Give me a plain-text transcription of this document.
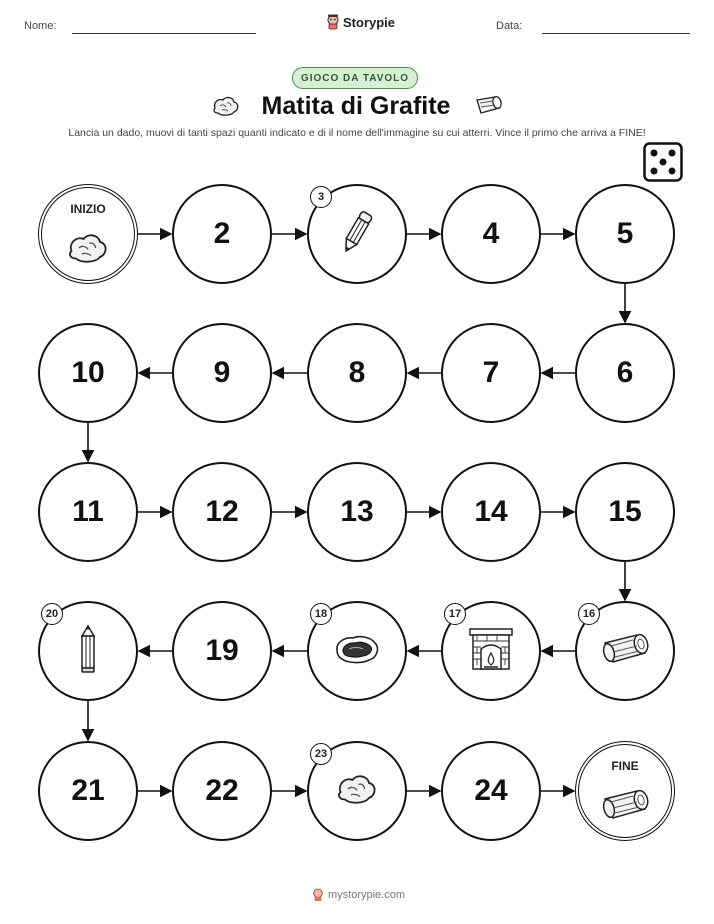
Nome:	Storypie	Data:
GIOCO DA TAVOLO
Matita di Grafite
Lancia un dado, muovi di tanti spazi quanti indicato e di il nome dell'immagine su cui atterri. Vince il primo che arriva a FINE!
INIZIO
2
3
4	5
6
7
8
9
10
11	12	13	14	15
16
17
18
19
20
21	22
23
24
FINE
mystorypie.com
